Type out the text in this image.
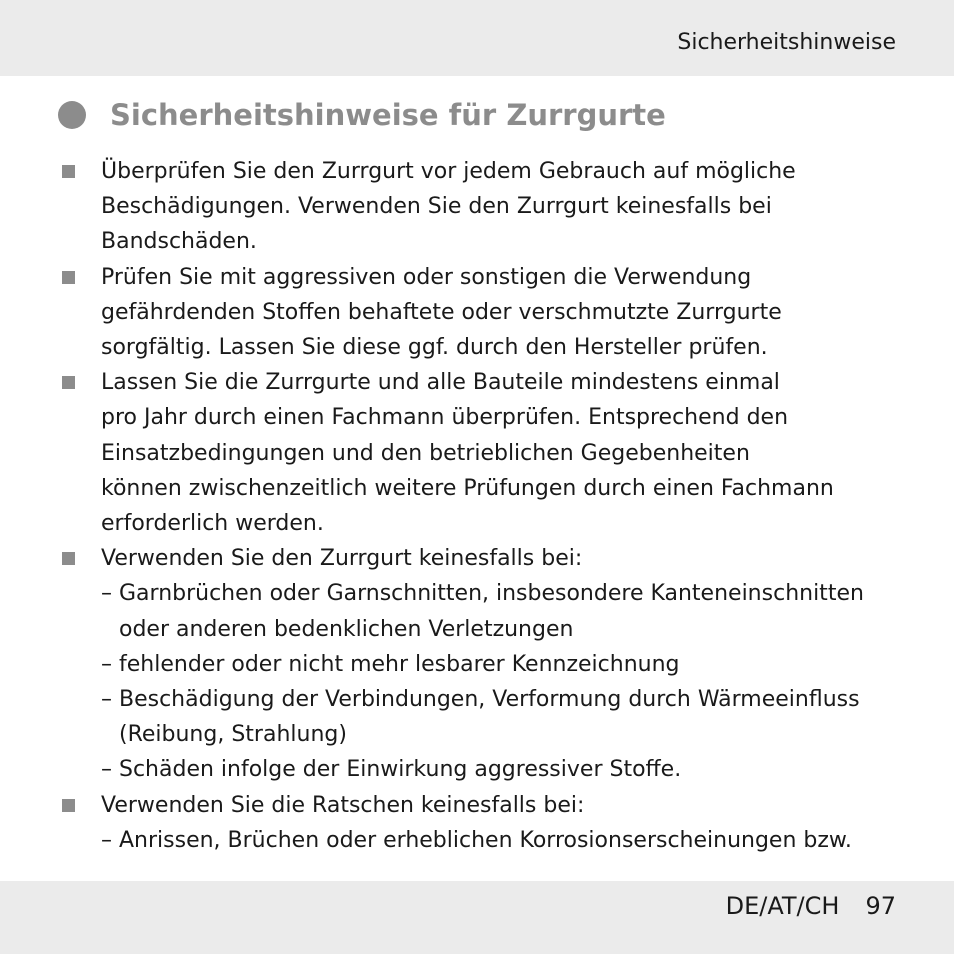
Sicherheitshinweise
Sicherheitshinweise für Zurrgurte
Überprüfen Sie den Zurrgurt vor jedem Gebrauch auf mögliche
Beschädigungen. Verwenden Sie den Zurrgurt keinesfalls bei
Bandschäden.
Prüfen Sie mit aggressiven oder sonstigen die Verwendung
gefährdenden Stoffen behaftete oder verschmutzte Zurrgurte
sorgfältig. Lassen Sie diese ggf. durch den Hersteller prüfen.
Lassen Sie die Zurrgurte und alle Bauteile mindestens einmal
pro Jahr durch einen Fachmann überprüfen. Entsprechend den
Einsatzbedingungen und den betrieblichen Gegebenheiten
können zwischenzeitlich weitere Prüfungen durch einen Fachmann
erforderlich werden.
Verwenden Sie den Zurrgurt keinesfalls bei:
– Garnbrüchen oder Garnschnitten, insbesondere Kanteneinschnitten
oder anderen bedenklichen Verletzungen
– fehlender oder nicht mehr lesbarer Kennzeichnung
– Beschädigung der Verbindungen, Verformung durch Wärmeeinfluss
(Reibung, Strahlung)
– Schäden infolge der Einwirkung aggressiver Stoffe.
Verwenden Sie die Ratschen keinesfalls bei:
– Anrissen, Brüchen oder erheblichen Korrosionserscheinungen bzw.
DE/AT/CH 97
